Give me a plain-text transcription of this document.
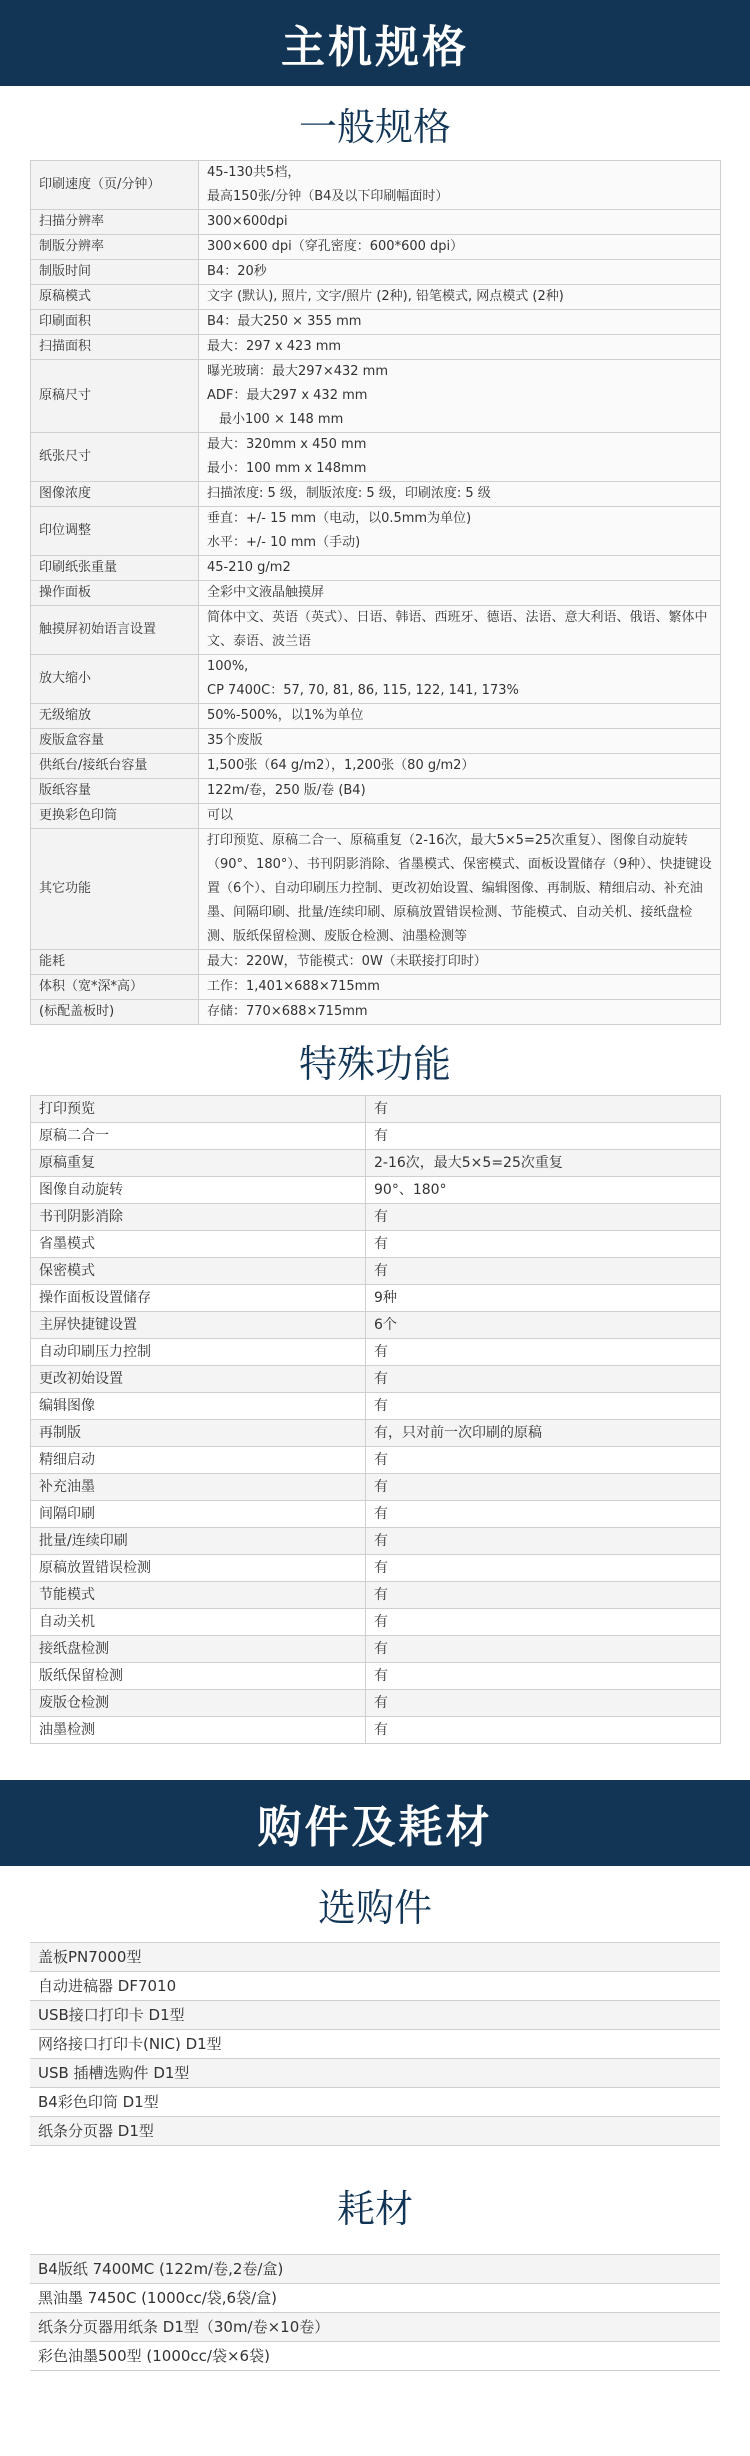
主机规格
一般规格
印刷速度（页/分钟）	45-130共5档，
最高150张/分钟（B4及以下印刷幅面时）

扫描分辨率	300×600dpi

制版分辨率	300×600 dpi（穿孔密度：600*600 dpi）

制版时间	B4：20秒

原稿模式	文字 (默认), 照片, 文字/照片 (2种), 铅笔模式, 网点模式 (2种)

印刷面积	B4：最大250 × 355 mm

扫描面积	最大：297 x 423 mm

原稿尺寸	曝光玻璃：最大297×432 mm
ADF：最大297 x 432 mm
最小100 × 148 mm

纸张尺寸	最大：320mm x 450 mm
最小：100 mm x 148mm

图像浓度	扫描浓度: 5 级，制版浓度: 5 级，印刷浓度: 5 级

印位调整	垂直：+/- 15 mm（电动，以0.5mm为单位)
水平：+/- 10 mm（手动)

印刷纸张重量	45-210 g/m2

操作面板	全彩中文液晶触摸屏

触摸屏初始语言设置	简体中文、英语（英式）、日语、韩语、西班牙、德语、法语、意大利语、俄语、繁体中
文、泰语、波兰语

放大缩小	100%,
CP 7400C：57, 70, 81, 86, 115, 122, 141, 173%

无级缩放	50%-500%，以1%为单位

废版盒容量	35个废版

供纸台/接纸台容量	1,500张（64 g/m2），1,200张（80 g/m2）

版纸容量	122m/卷，250 版/卷 (B4)

更换彩色印筒	可以

其它功能	打印预览、原稿二合一、原稿重复（2-16次，最大5×5=25次重复）、图像自动旋转
（90°、180°）、书刊阴影消除、省墨模式、保密模式、面板设置储存（9种）、快捷键设
置（6个）、自动印刷压力控制、更改初始设置、编辑图像、再制版、精细启动、补充油
墨、间隔印刷、批量/连续印刷、原稿放置错误检测、节能模式、自动关机、接纸盘检
测、版纸保留检测、废版仓检测、油墨检测等

能耗	最大：220W，节能模式：0W（未联接打印时）

体积（宽*深*高）	工作：1,401×688×715mm

(标配盖板时)	存储：770×688×715mm
特殊功能
打印预览	有
原稿二合一	有
原稿重复	2-16次，最大5×5=25次重复
图像自动旋转	90°、180°
书刊阴影消除	有
省墨模式	有
保密模式	有
操作面板设置储存	9种
主屏快捷键设置	6个
自动印刷压力控制	有
更改初始设置	有
编辑图像	有
再制版	有，只对前一次印刷的原稿
精细启动	有
补充油墨	有
间隔印刷	有
批量/连续印刷	有
原稿放置错误检测	有
节能模式	有
自动关机	有
接纸盘检测	有
版纸保留检测	有
废版仓检测	有
油墨检测	有
购件及耗材
选购件
盖板PN7000型
自动进稿器 DF7010
USB接口打印卡 D1型
网络接口打印卡(NIC) D1型
USB 插槽选购件 D1型
B4彩色印筒 D1型
纸条分页器 D1型
耗材
B4版纸 7400MC (122m/卷,2卷/盒)
黑油墨 7450C (1000cc/袋,6袋/盒)
纸条分页器用纸条 D1型（30m/卷×10卷）
彩色油墨500型 (1000cc/袋×6袋)
